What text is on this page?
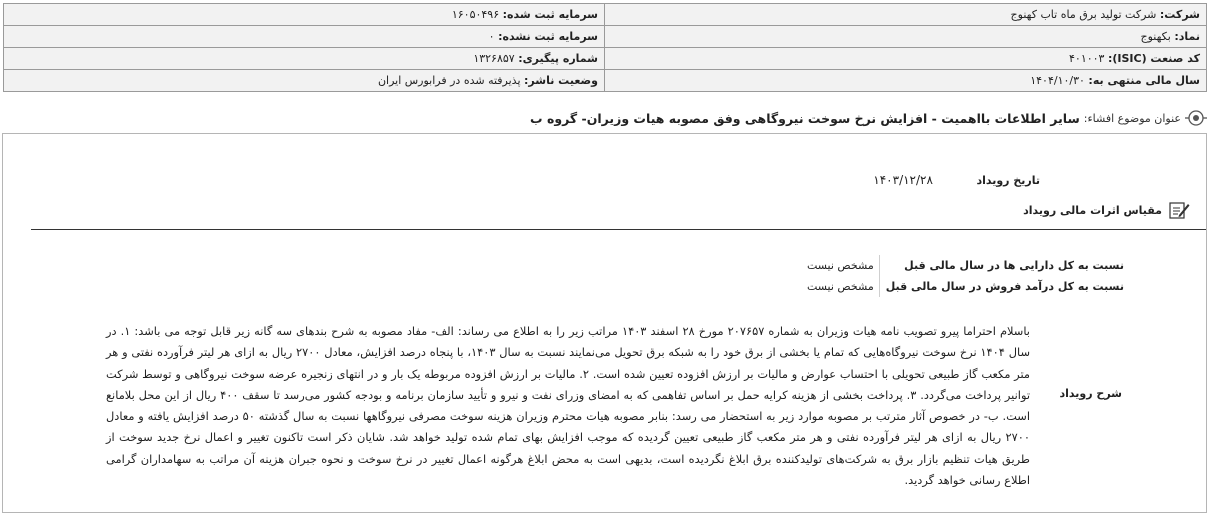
شرکت: شرکت تولید برق ماه تاب کهنوج	سرمایه ثبت شده: ۱۶۰۵۰۴۹۶
نماد: بکهنوج	سرمایه ثبت نشده: ۰
کد صنعت (ISIC): ۴۰۱۰۰۳	شماره پیگیری: ۱۳۲۶۸۵۷
سال مالی منتهی به: ۱۴۰۴/۱۰/۳۰	وضعیت ناشر: پذیرفته شده در فرابورس ایران
عنوان موضوع افشاء:
سایر اطلاعات بااهمیت - افزایش نرخ سوخت نیروگاهی وفق مصوبه هیات وزیران- گروه ب
تاریخ رویداد ۱۴۰۳/۱۲/۲۸
مقیاس اثرات مالی رویداد
نسبت به کل دارایی ها در سال مالی قبل	مشخص نیست
نسبت به کل درآمد فروش در سال مالی قبل	مشخص نیست
شرح رویداد
باسلام احتراما پیرو تصویب نامه هیات وزیران به شماره ۲۰۷۶۵۷ مورخ ۲۸ اسفند ۱۴۰۳ مراتب زیر را به اطلاع می رساند: الف- مفاد مصوبه به شرح بندهای سه گانه زیر قابل توجه می باشد: ۱. در سال ۱۴۰۴ نرخ سوخت نیروگاه‌هایی که تمام یا بخشی از برق خود را به شبکه برق تحویل می‌نمایند نسبت به سال ۱۴۰۳، با پنجاه درصد افزایش، معادل ۲۷۰۰ ریال به ازای هر لیتر فرآورده نفتی و هر متر مکعب گاز طبیعی تحویلی با احتساب عوارض و مالیات بر ارزش افزوده تعیین شده است. ۲. مالیات بر ارزش افزوده مربوطه یک بار و در انتهای زنجیره عرضه سوخت نیروگاهی و توسط شرکت توانیر پرداخت می‌گردد. ۳. پرداخت بخشی از هزینه کرایه حمل بر اساس تفاهمی که به امضای وزرای نفت و نیرو و تأیید سازمان برنامه و بودجه کشور می‌رسد تا سقف ۴۰۰ ریال از این محل بلامانع است. ب- در خصوص آثار مترتب بر مصوبه موارد زیر به استحضار می رسد: بنابر مصوبه هیات محترم وزیران هزینه سوخت مصرفی نیروگاهها نسبت به سال گذشته ۵۰ درصد افزایش یافته و معادل ۲۷۰۰ ریال به ازای هر لیتر فرآورده نفتی و هر متر مکعب گاز طبیعی تعیین گردیده که موجب افزایش بهای تمام شده تولید خواهد شد. شایان ذکر است تاکنون تغییر و اعمال نرخ جدید سوخت از طریق هیات تنظیم بازار برق به شرکت‌های تولیدکننده برق ابلاغ نگردیده است، بدیهی است به محض ابلاغ هرگونه اعمال تغییر در نرخ سوخت و نحوه جبران هزینه آن مراتب به سهامداران گرامی اطلاع رسانی خواهد گردید.
